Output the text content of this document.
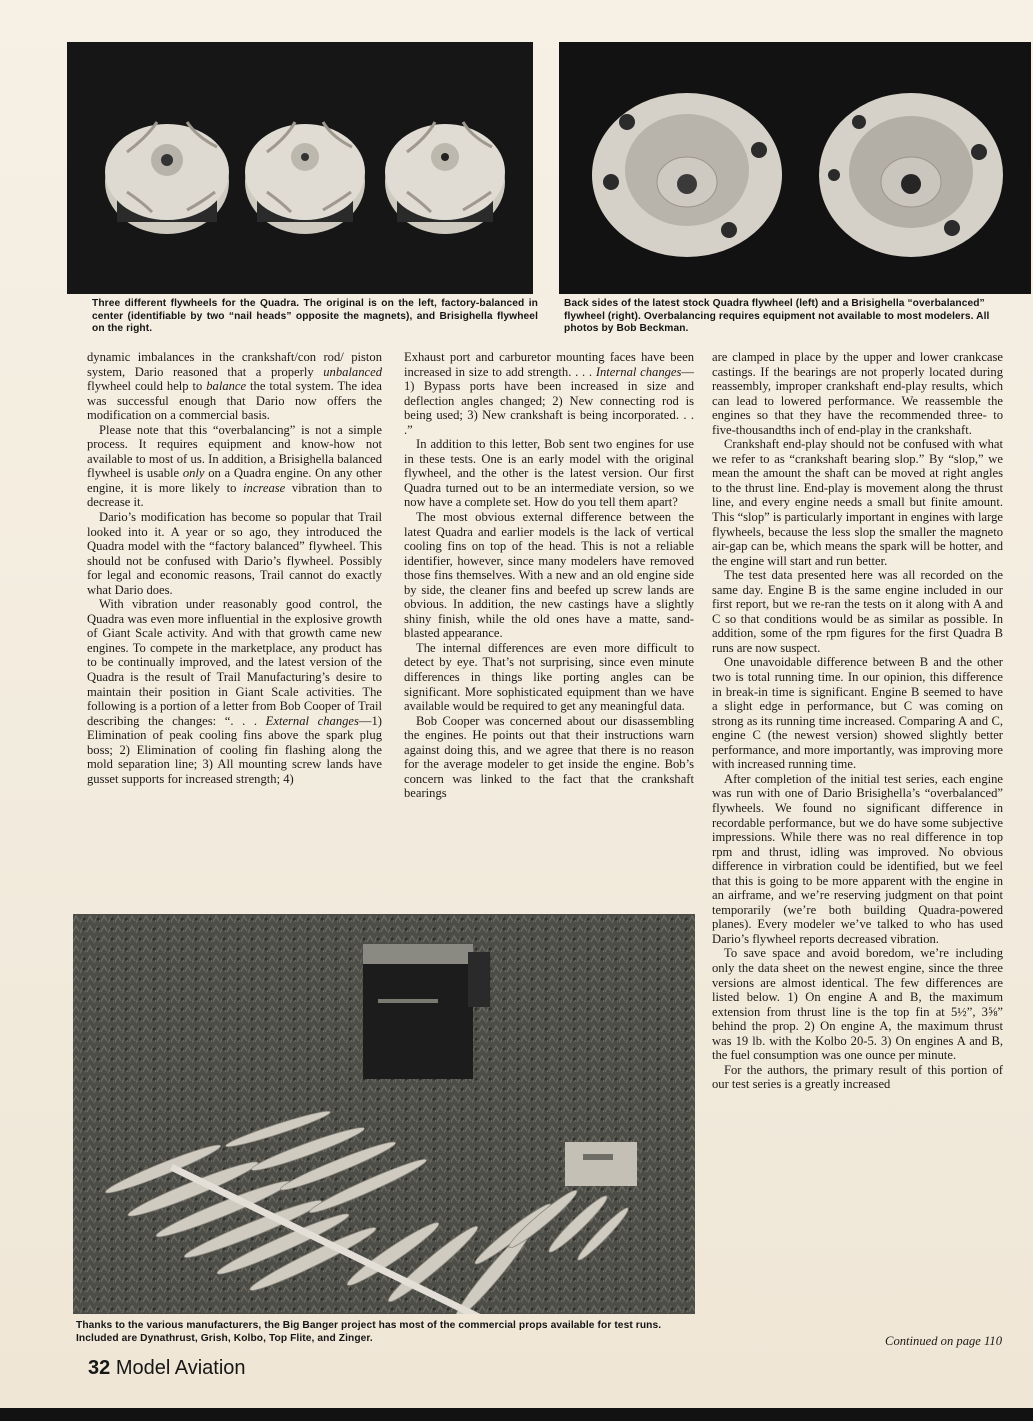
Three different flywheels for the Quadra. The original is on the left, factory-balanced in center (identifiable by two “nail heads” opposite the magnets), and Brisighella flywheel on the right.
Back sides of the latest stock Quadra flywheel (left) and a Brisighella “overbalanced” flywheel (right). Overbalancing requires equipment not available to most modelers. All photos by Bob Beckman.

dynamic imbalances in the crankshaft/con rod/ piston system, Dario reasoned that a properly unbalanced flywheel could help to balance the total system. The idea was successful enough that Dario now offers the modification on a commercial basis.

Please note that this “overbalancing” is not a simple process. It requires equipment and know-how not available to most of us. In addition, a Brisighella balanced flywheel is usable only on a Quadra engine. On any other engine, it is more likely to increase vibration than to decrease it.

Dario’s modification has become so popular that Trail looked into it. A year or so ago, they introduced the Quadra model with the “factory balanced” flywheel. This should not be confused with Dario’s flywheel. Possibly for legal and economic reasons, Trail cannot do exactly what Dario does.

With vibration under reasonably good control, the Quadra was even more influential in the explosive growth of Giant Scale activity. And with that growth came new engines. To compete in the marketplace, any product has to be continually improved, and the latest version of the Quadra is the result of Trail Manufacturing’s desire to maintain their position in Giant Scale activities. The following is a portion of a letter from Bob Cooper of Trail describing the changes: “. . . External changes—1) Elimination of peak cooling fins above the spark plug boss; 2) Elimination of cooling fin flashing along the mold separation line; 3) All mounting screw lands have gusset supports for increased strength; 4)

Exhaust port and carburetor mounting faces have been increased in size to add strength. . . . Internal changes—1) Bypass ports have been increased in size and deflection angles changed; 2) New connecting rod is being used; 3) New crankshaft is being incorporated. . . .”

In addition to this letter, Bob sent two engines for use in these tests. One is an early model with the original flywheel, and the other is the latest version. Our first Quadra turned out to be an intermediate version, so we now have a complete set. How do you tell them apart?

The most obvious external difference between the latest Quadra and earlier models is the lack of vertical cooling fins on top of the head. This is not a reliable identifier, however, since many modelers have removed those fins themselves. With a new and an old engine side by side, the cleaner fins and beefed up screw lands are obvious. In addition, the new castings have a slightly shiny finish, while the old ones have a matte, sand-blasted appearance.

The internal differences are even more difficult to detect by eye. That’s not surprising, since even minute differences in things like porting angles can be significant. More sophisticated equipment than we have available would be required to get any meaningful data.

Bob Cooper was concerned about our disassembling the engines. He points out that their instructions warn against doing this, and we agree that there is no reason for the average modeler to get inside the engine. Bob’s concern was linked to the fact that the crankshaft bearings

are clamped in place by the upper and lower crankcase castings. If the bearings are not properly located during reassembly, improper crankshaft end-play results, which can lead to lowered performance. We reassemble the engines so that they have the recommended three- to five-thousandths inch of end-play in the crankshaft.

Crankshaft end-play should not be confused with what we refer to as “crankshaft bearing slop.” By “slop,” we mean the amount the shaft can be moved at right angles to the thrust line. End-play is movement along the thrust line, and every engine needs a small but finite amount. This “slop” is particularly important in engines with large flywheels, because the less slop the smaller the magneto air-gap can be, which means the spark will be hotter, and the engine will start and run better.

The test data presented here was all recorded on the same day. Engine B is the same engine included in our first report, but we re-ran the tests on it along with A and C so that conditions would be as similar as possible. In addition, some of the rpm figures for the first Quadra B runs are now suspect.

One unavoidable difference between B and the other two is total running time. In our opinion, this difference in break-in time is significant. Engine B seemed to have a slight edge in performance, but C was coming on strong as its running time increased. Comparing A and C, engine C (the newest version) showed slightly better performance, and more importantly, was improving more with increased running time.

After completion of the initial test series, each engine was run with one of Dario Brisighella’s “overbalanced” flywheels. We found no significant difference in recordable performance, but we do have some subjective impressions. While there was no real difference in top rpm and thrust, idling was improved. No obvious difference in virbration could be identified, but we feel that this is going to be more apparent with the engine in an airframe, and we’re reserving judgment on that point temporarily (we’re both building Quadra-powered planes). Every modeler we’ve talked to who has used Dario’s flywheel reports decreased vibration.

To save space and avoid boredom, we’re including only the data sheet on the newest engine, since the three versions are almost identical. The few differences are listed below. 1) On engine A and B, the maximum extension from thrust line is the top fin at 5½”, 3⅝” behind the prop. 2) On engine A, the maximum thrust was 19 lb. with the Kolbo 20-5. 3) On engines A and B, the fuel consumption was one ounce per minute.

For the authors, the primary result of this portion of our test series is a greatly increased

Thanks to the various manufacturers, the Big Banger project has most of the commercial props available for test runs. Included are Dynathrust, Grish, Kolbo, Top Flite, and Zinger.	Continued on page 110
32 Model Aviation
